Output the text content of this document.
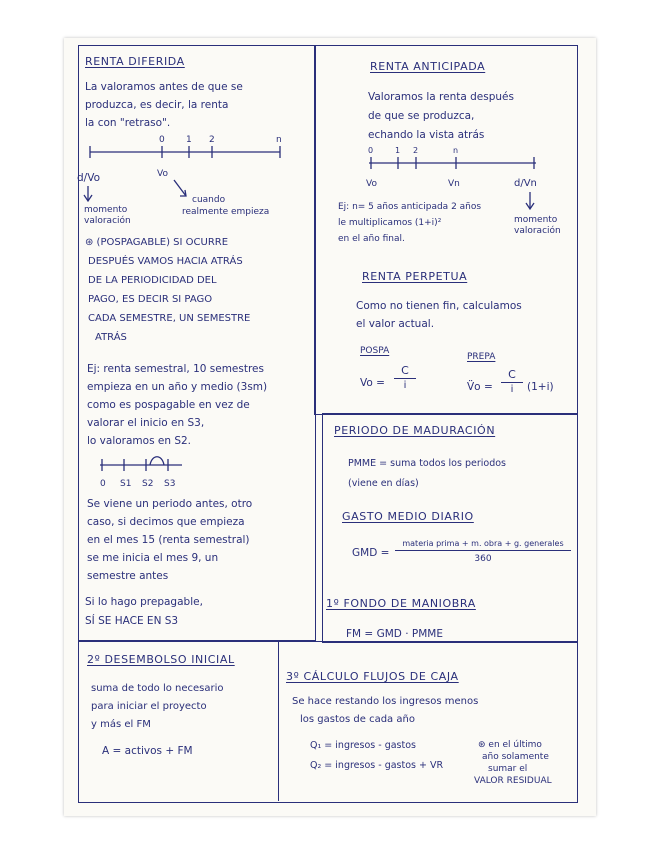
RENTA DIFERIDA

La valoramos antes de que se

produzca, es decir, la renta

la con "retraso".

0 1 2	n

d/Vo	Vo

momento

valoración

cuando

realmente empieza

⊛ (POSPAGABLE) SI OCURRE

DESPUÉS VAMOS HACIA ATRÁS

DE LA PERIODICIDAD DEL

PAGO, ES DECIR SI PAGO

CADA SEMESTRE, UN SEMESTRE

ATRÁS

Ej: renta semestral, 10 semestres

empieza en un año y medio (3sm)

como es pospagable en vez de

valorar el inicio en S3,

lo valoramos en S2.

0 S1 S2 S3

Se viene un periodo antes, otro

caso, si decimos que empieza

en el mes 15 (renta semestral)

se me inicia el mes 9, un

semestre antes

Si lo hago prepagable,

SÍ SE HACE EN S3

RENTA ANTICIPADA

Valoramos la renta después

de que se produzca,

echando la vista atrás

0	1 2	n
Vo	Vn	d/Vn

Ej: n= 5 años anticipada 2 años

le multiplicamos (1+i)²

en el año final.

momento

valoración

RENTA PERPETUA

Como no tienen fin, calculamos

el valor actual.

POSPA

PREPA

$Vo = \frac{C}{i}$	V̈o = $\frac{C}{i} (1+i)$

PERIODO DE MADURACIÓN

PMME = suma todos los periodos

(viene en días)

GASTO MEDIO DIARIO

GMD =

materia prima + m. obra + g. generales
360

1º FONDO DE MANIOBRA

FM = GMD · PMME

2º DESEMBOLSO INICIAL

suma de todo lo necesario

para iniciar el proyecto

y más el FM

A = activos + FM

3º CÁLCULO FLUJOS DE CAJA

Se hace restando los ingresos menos

los gastos de cada año

Q₁ = ingresos - gastos

Q₂ = ingresos - gastos + VR

⊛ en el último

año solamente

sumar el

VALOR RESIDUAL
